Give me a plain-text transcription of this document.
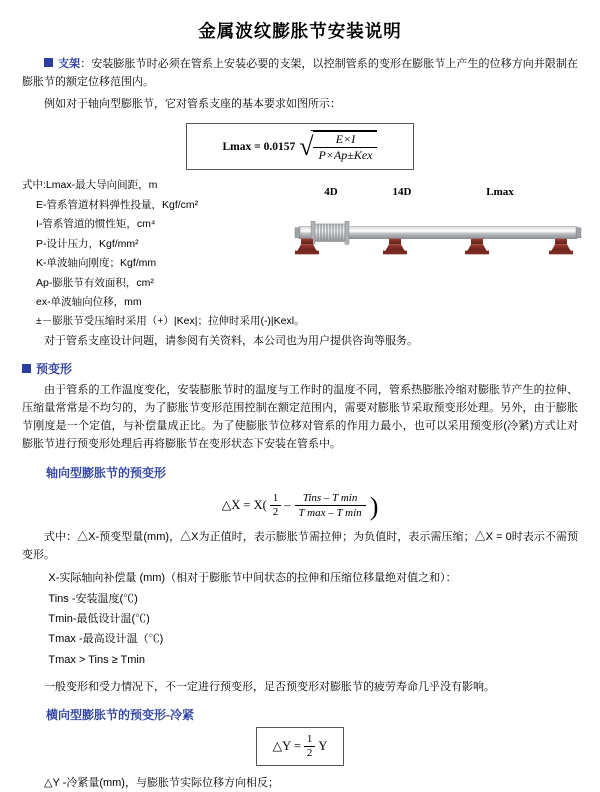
金属波纹膨胀节安装说明

支架：安装膨胀节时必须在管系上安装必要的支架，以控制管系的变形在膨胀节上产生的位移方向并限制在膨胀节的额定位移范围内。

例如对于轴向型膨胀节，它对管系支座的基本要求如图所示：

Lmax = 0.0157 √ $\frac{E\times I}{\text{P×Ap±Kex}}$
式中:Lmax-最大导向间距，m
E-管系管道材料弹性投量，Kgf/cm²
I-管系管道的惯性矩，cm⁴
P-设计压力，Kgf/mm²
K-单波轴向刚度；Kgf/mm
Ap-膨胀节有效面积，cm²
ex-单波轴向位移，mm
±－膨胀节受压缩时采用（+）|Kex|；拉伸时采用(-)|Kexl。
4D	14D	Lmax

对于管系支座设计问题，请参阅有关资料，本公司也为用户提供咨询等服务。

预变形

由于管系的工作温度变化，安装膨胀节时的温度与工作时的温度不同，管系热膨胀冷缩对膨胀节产生的拉伸、压缩量常常是不均匀的，为了膨胀节变形范围控制在额定范围内，需要对膨胀节采取预变形处理。另外，由于膨胀节刚度是一个定值，与补偿量成正比。为了使膨胀节位移对管系的作用力最小，也可以采用预变形(冷紧)方式让对膨胀节进行预变形处理后再将膨胀节在变形状态下安装在管系中。

轴向型膨胀节的预变形
△X = $X( \frac{1}{2}$ –
Tins – T min
T max – T min )

式中：△X-预变型量(mm)，△X为正值时，表示膨胀节需拉伸；为负值时，表示需压缩；△X = 0时表示不需预变形。

X-实际轴向补偿量 (mm)（相对于膨胀节中间状态的拉伸和压缩位移量绝对值之和）：
Tins -安装温度(℃)
Tmin-最低设计温(℃)
Tmax -最高设计温（℃)
Tmax > Tins ≥ Tmin

一般变形和受力情况下，不一定进行预变形，足否预变形对膨胀节的疲劳寿命几乎没有影响。

横向型膨胀节的预变形-冷紧
△Y = $\frac{1}{2}$ Y

△Y -冷紧量(mm)，与膨胀节实际位移方向相反；
